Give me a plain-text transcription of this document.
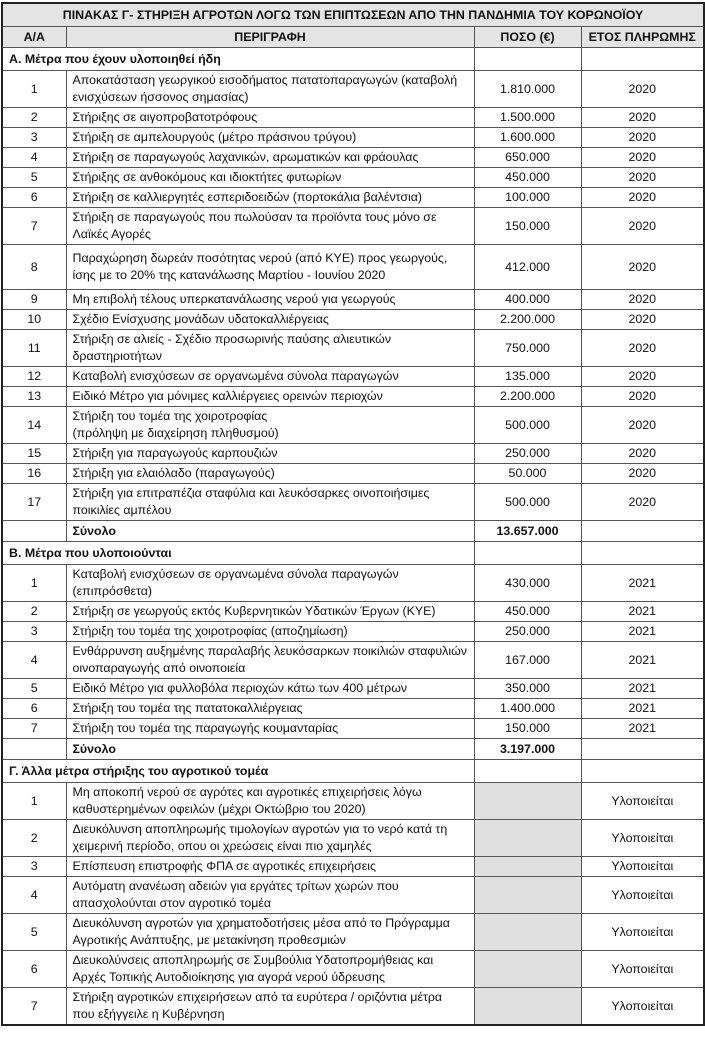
ΠΙΝΑΚΑΣ Γ- ΣΤΗΡΙΞΗ ΑΓΡΟΤΩΝ ΛΟΓΩ ΤΩΝ ΕΠΙΠΤΩΣΕΩΝ ΑΠΟ ΤΗΝ ΠΑΝΔΗΜΙΑ ΤΟΥ ΚΟΡΩΝΟΪΟΥ			
Α/Α	ΠΕΡΙΓΡΑΦΗ	ΠΟΣΟ (€)	ΕΤΟΣ ΠΛΗΡΩΜΗΣ
Α. Μέτρα που έχουν υλοποιηθεί ήδη			
1	Αποκατάσταση γεωργικού εισοδήματος πατατοπαραγωγών (καταβολή ενισχύσεων ήσσονος σημασίας)	1.810.000	2020
2	Στήριξης σε αιγοπροβατοτρόφους	1.500.000	2020
3	Στήριξη σε αμπελουργούς (μέτρο πράσινου τρύγου)	1.600.000	2020
4	Στήριξη σε παραγωγούς λαχανικών, αρωματικών και φράουλας	650.000	2020
5	Στήριξης σε ανθοκόμους και ιδιοκτήτες φυτωρίων	450.000	2020
6	Στήριξη σε καλλιεργητές εσπεριδοειδών (πορτοκάλια βαλέντσια)	100.000	2020
7	Στήριξη σε παραγωγούς που πωλούσαν τα προϊόντα τους μόνο σε Λαϊκές Αγορές	150.000	2020
8	Παραχώρηση δωρεάν ποσότητας νερού (από ΚΥΕ) προς γεωργούς, ίσης με το 20% της κατανάλωσης Μαρτίου - Ιουνίου 2020	412.000	2020
9	Μη επιβολή τέλους υπερκατανάλωσης νερού για γεωργούς	400.000	2020
10	Σχέδιο Ενίσχυσης μονάδων υδατοκαλλιέργειας	2.200.000	2020
11	Στήριξη σε αλιείς - Σχέδιο προσωρινής παύσης αλιευτικών δραστηριοτήτων	750.000	2020
12	Καταβολή ενισχύσεων σε οργανωμένα σύνολα παραγωγών	135.000	2020
13	Ειδικό Μέτρο για μόνιμες καλλιέργειες ορεινών περιοχών	2.200.000	2020
14	Στήριξη του τομέα της χοιροτροφίας
(πρόληψη με διαχείρηση πληθυσμού)	500.000	2020
15	Στήριξη για παραγωγούς καρπουζιών	250.000	2020
16	Στήριξη για ελαιόλαδο (παραγωγούς)	50.000	2020
17	Στήριξη για επιτραπέζια σταφύλια και λευκόσαρκες οινοποιήσιμες ποικιλίες αμπέλου	500.000	2020
	Σύνολο	13.657.000	
Β. Μέτρα που υλοποιούνται			
1	Καταβολή ενισχύσεων σε οργανωμένα σύνολα παραγωγών (επιπρόσθετα)	430.000	2021
2	Στήριξη σε γεωργούς εκτός Κυβερνητικών Υδατικών Έργων (ΚΥΕ)	450.000	2021
3	Στήριξη του τομέα της χοιροτροφίας (αποζημίωση)	250.000	2021
4	Ενθάρρυνση αυξημένης παραλαβής λευκόσαρκων ποικιλιών σταφυλιών οινοπαραγωγής από οινοποιεία	167.000	2021
5	Ειδικό Μέτρο για φυλλοβόλα περιοχών κάτω των 400 μέτρων	350.000	2021
6	Στήριξη του τομέα της πατατοκαλλιέργειας	1.400.000	2021
7	Στήριξη του τομέα της παραγωγής κουμανταρίας	150.000	2021
	Σύνολο	3.197.000	
Γ. Άλλα μέτρα στήριξης του αγροτικού τομέα			
1	Μη αποκοπή νερού σε αγρότες και αγροτικές επιχειρήσεις λόγω καθυστερημένων οφειλών (μέχρι Οκτώβριο του 2020)		Υλοποιείται
2	Διευκόλυνση αποπληρωμής τιμολογίων αγροτών για το νερό κατά τη χειμερινή περίοδο, οπου οι χρεώσεις είναι πιο χαμηλές		Υλοποιείται
3	Επίσπευση επιστροφής ΦΠΑ σε αγροτικές επιχειρήσεις		Υλοποιείται
4	Αυτόματη ανανέωση αδειών για εργάτες τρίτων χωρών που απασχολούνται στον αγροτικό τομέα		Υλοποιείται
5	Διευκόλυνση αγροτών για χρηματοδοτήσεις μέσα από το Πρόγραμμα Αγροτικής Ανάπτυξης, με μετακίνηση προθεσμιών		Υλοποιείται
6	Διευκολύνσεις αποπληρωμής σε Συμβούλια Υδατοπρομήθειας και Αρχές Τοπικής Αυτοδιοίκησης για αγορά νερού ύδρευσης		Υλοποιείται
7	Στήριξη αγροτικών επιχειρήσεων από τα ευρύτερα / οριζόντια μέτρα που εξήγγειλε η Κυβέρνηση		Υλοποιείται
